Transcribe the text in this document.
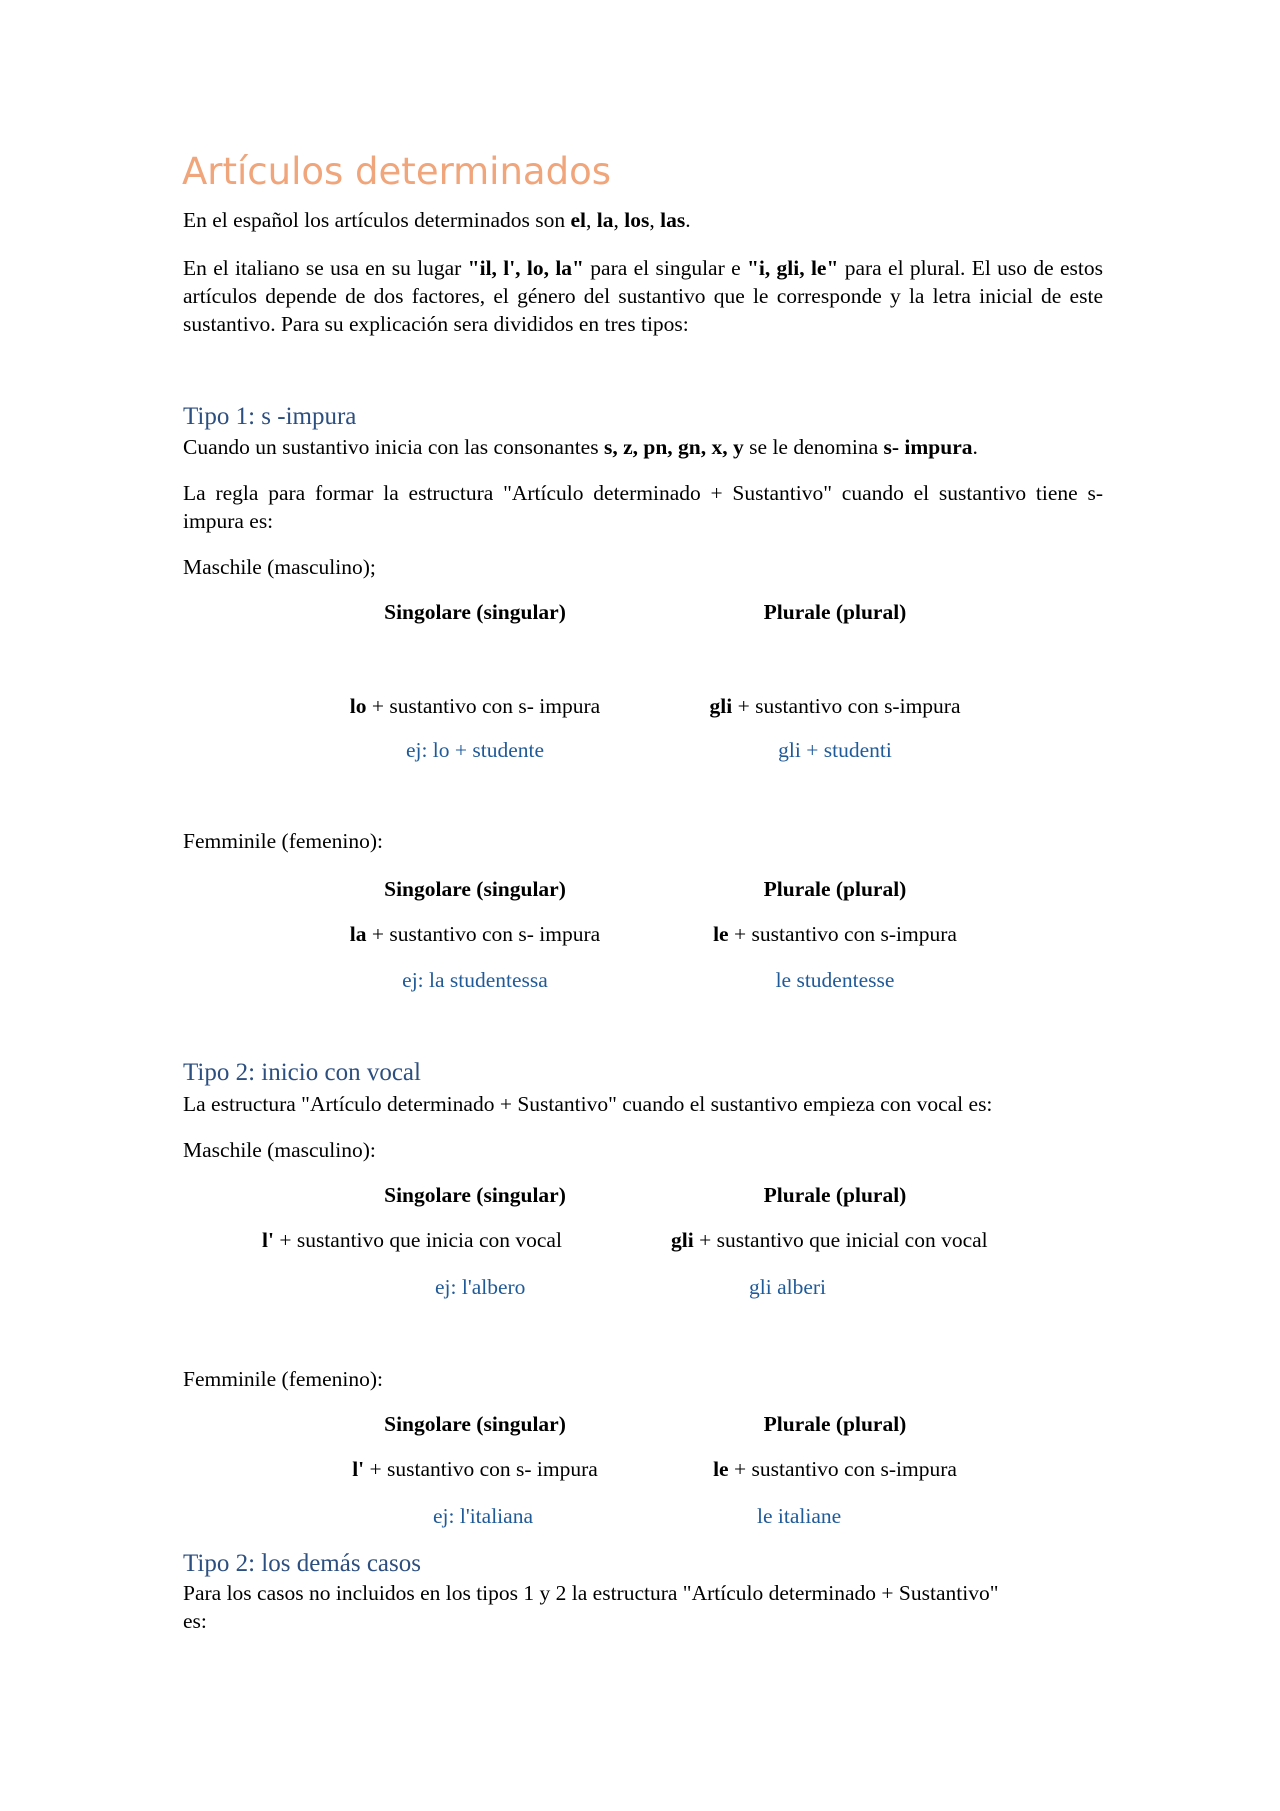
Artículos determinados
En el español los artículos determinados son el, la, los, las.
En el italiano se usa en su lugar "il, l', lo, la" para el singular e "i, gli, le" para el plural. El uso de estos artículos depende de dos factores, el género del sustantivo que le corresponde y la letra inicial de este sustantivo. Para su explicación sera divididos en tres tipos:
Tipo 1: s -impura
Cuando un sustantivo inicia con las consonantes s, z, pn, gn, x, y se le denomina s- impura.
La regla para formar la estructura "Artículo determinado + Sustantivo" cuando el sustantivo tiene s- impura es:
Maschile (masculino);
Singolare (singular)	Plurale (plural)
lo + sustantivo con s- impura	gli + sustantivo con s-impura
ej: lo + studente	gli + studenti
Femminile (femenino):
Singolare (singular)	Plurale (plural)
la + sustantivo con s- impura	le + sustantivo con s-impura
ej: la studentessa	le studentesse
Tipo 2: inicio con vocal
La estructura "Artículo determinado + Sustantivo" cuando el sustantivo empieza con vocal es:
Maschile (masculino):
Singolare (singular)	Plurale (plural)
l' + sustantivo que inicia con vocal	gli + sustantivo que inicial con vocal
ej: l'albero	gli alberi
Femminile (femenino):
Singolare (singular)	Plurale (plural)
l' + sustantivo con s- impura	le + sustantivo con s-impura
ej: l'italiana	le italiane
Tipo 2: los demás casos
Para los casos no incluidos en los tipos 1 y 2 la estructura "Artículo determinado + Sustantivo"
es:
